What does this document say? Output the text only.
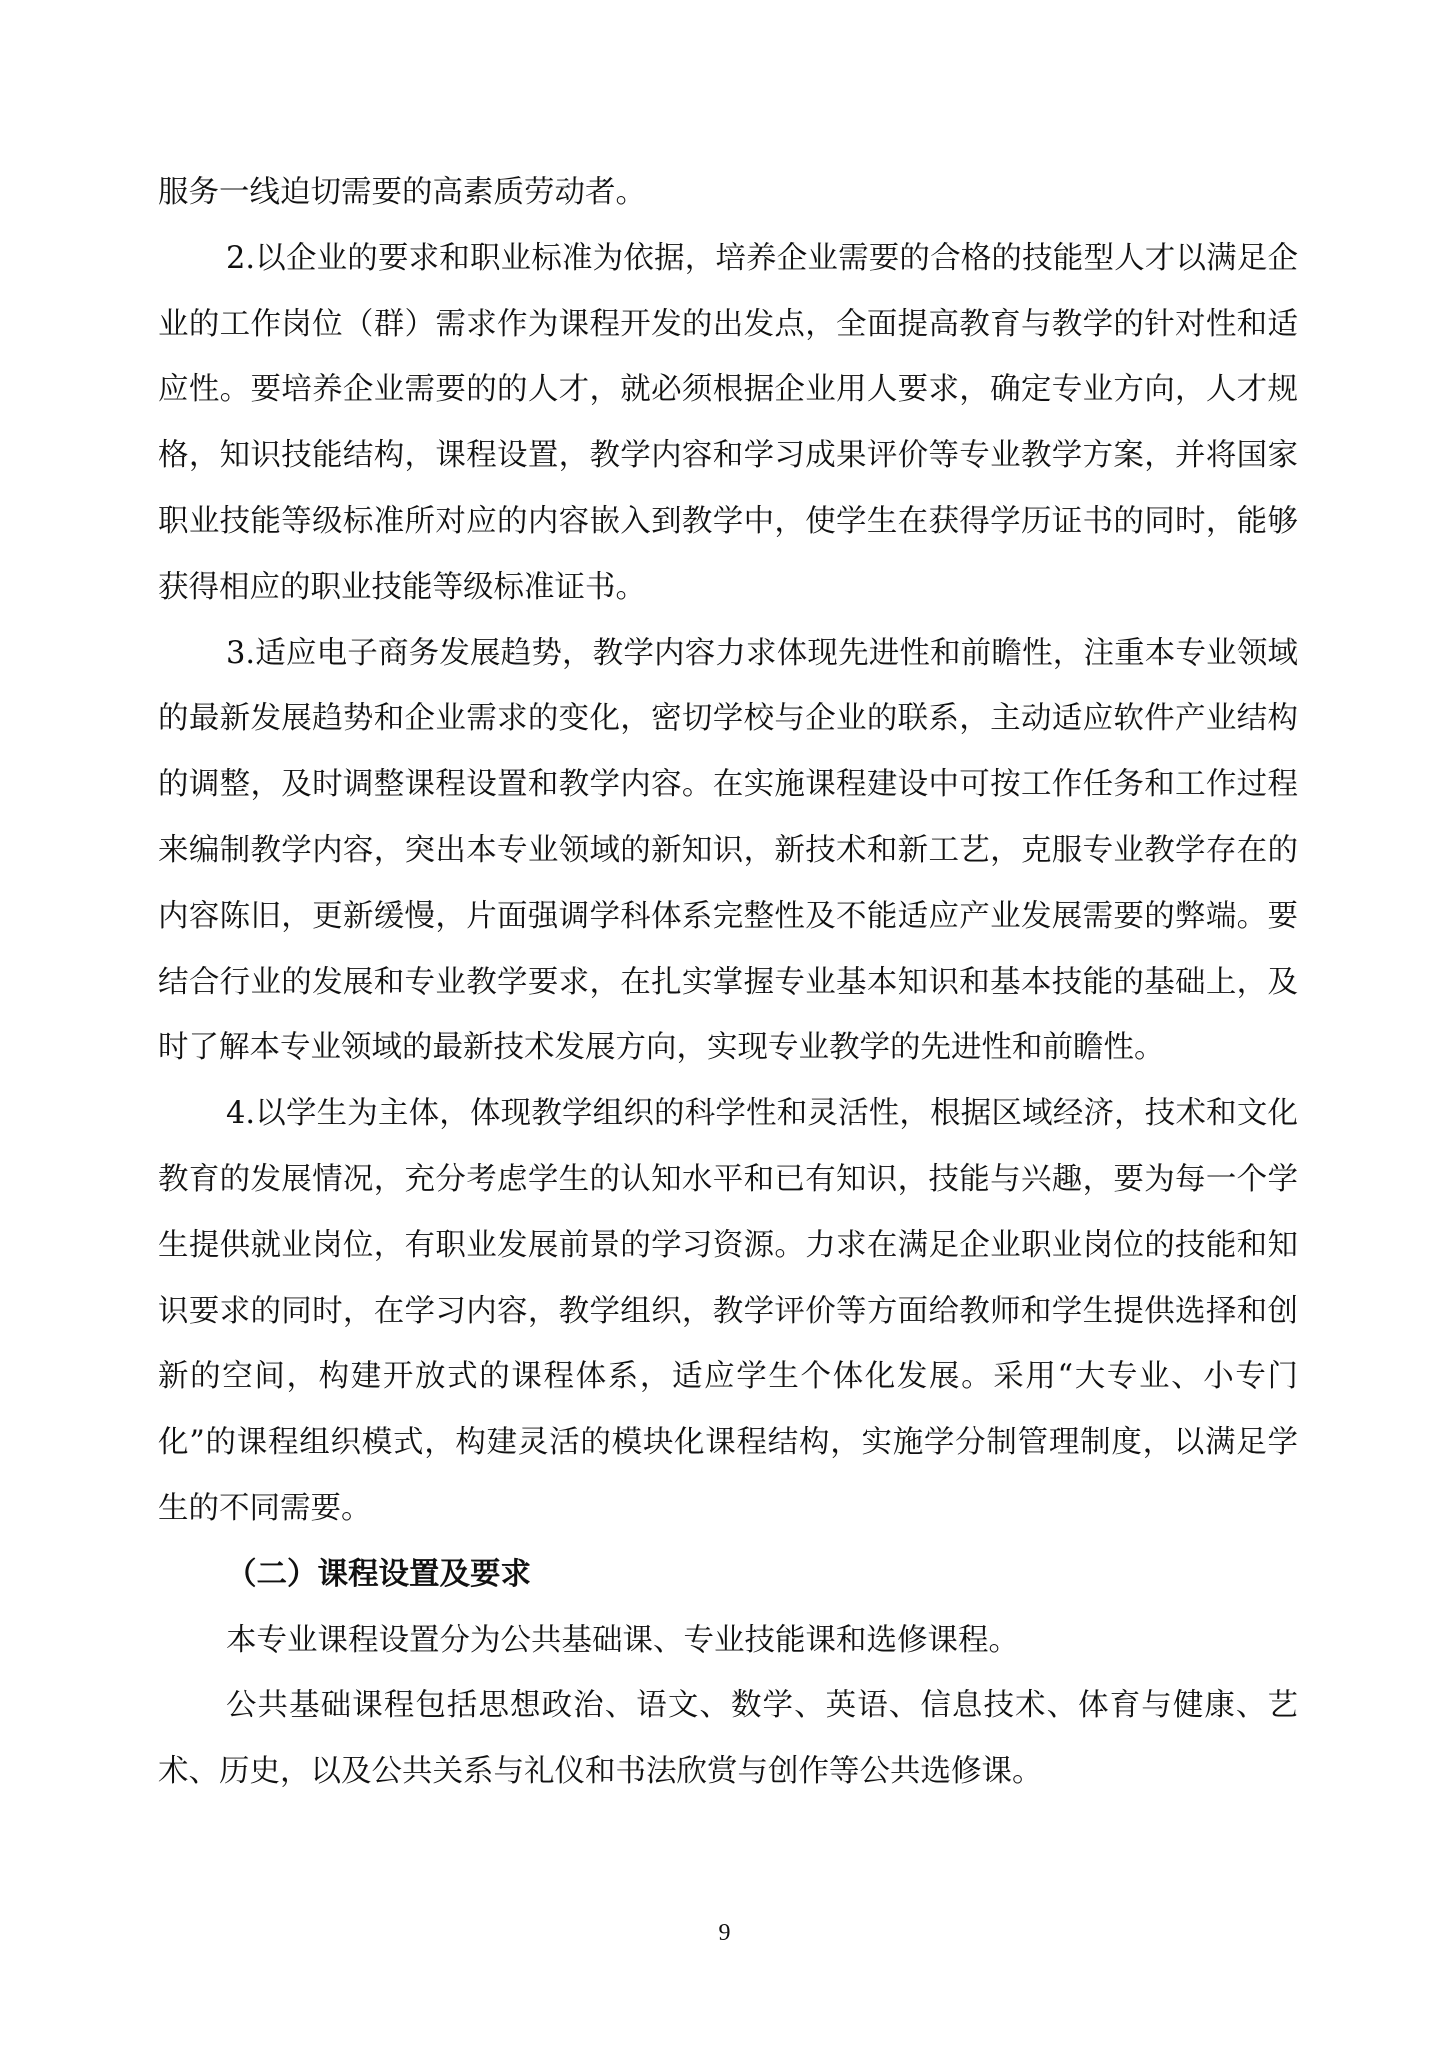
服务一线迫切需要的高素质劳动者。

2.以企业的要求和职业标准为依据，培养企业需要的合格的技能型人才以满足企业的工作岗位（群）需求作为课程开发的出发点，全面提高教育与教学的针对性和适应性。要培养企业需要的的人才，就必须根据企业用人要求，确定专业方向，人才规格，知识技能结构，课程设置，教学内容和学习成果评价等专业教学方案，并将国家职业技能等级标准所对应的内容嵌入到教学中，使学生在获得学历证书的同时，能够获得相应的职业技能等级标准证书。

3.适应电子商务发展趋势，教学内容力求体现先进性和前瞻性，注重本专业领域的最新发展趋势和企业需求的变化，密切学校与企业的联系，主动适应软件产业结构的调整，及时调整课程设置和教学内容。在实施课程建设中可按工作任务和工作过程来编制教学内容，突出本专业领域的新知识，新技术和新工艺，克服专业教学存在的内容陈旧，更新缓慢，片面强调学科体系完整性及不能适应产业发展需要的弊端。要结合行业的发展和专业教学要求，在扎实掌握专业基本知识和基本技能的基础上，及时了解本专业领域的最新技术发展方向，实现专业教学的先进性和前瞻性。

4.以学生为主体，体现教学组织的科学性和灵活性，根据区域经济，技术和文化教育的发展情况，充分考虑学生的认知水平和已有知识，技能与兴趣，要为每一个学生提供就业岗位，有职业发展前景的学习资源。力求在满足企业职业岗位的技能和知识要求的同时，在学习内容，教学组织，教学评价等方面给教师和学生提供选择和创新的空间，构建开放式的课程体系，适应学生个体化发展。采用“大专业、小专门化”的课程组织模式，构建灵活的模块化课程结构，实施学分制管理制度，以满足学生的不同需要。

（二）课程设置及要求

本专业课程设置分为公共基础课、专业技能课和选修课程。

公共基础课程包括思想政治、语文、数学、英语、信息技术、体育与健康、艺术、历史，以及公共关系与礼仪和书法欣赏与创作等公共选修课。

9
